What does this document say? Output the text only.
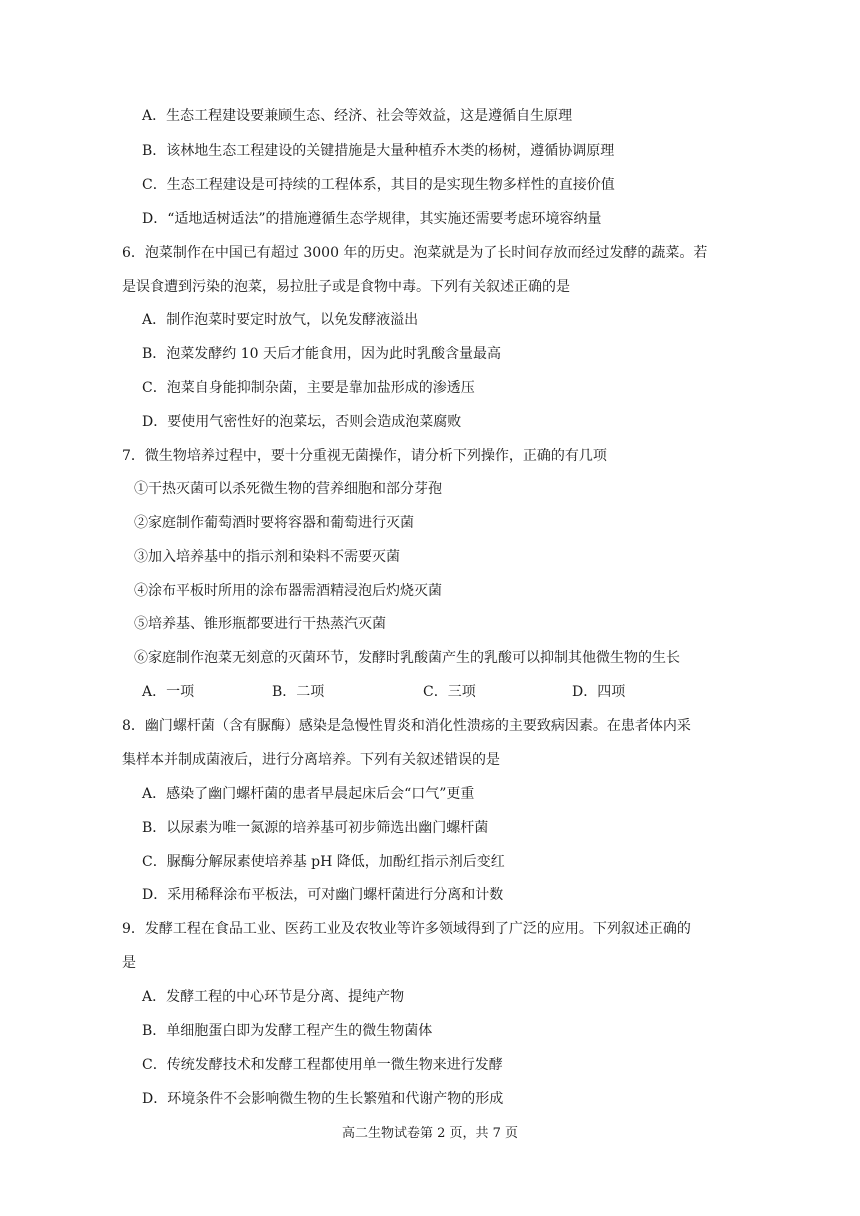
A．生态工程建设要兼顾生态、经济、社会等效益，这是遵循自生原理
B．该林地生态工程建设的关键措施是大量种植乔木类的杨树，遵循协调原理
C．生态工程建设是可持续的工程体系，其目的是实现生物多样性的直接价值
D．“适地适树适法”的措施遵循生态学规律，其实施还需要考虑环境容纳量
6．泡菜制作在中国已有超过 3000 年的历史。泡菜就是为了长时间存放而经过发酵的蔬菜。若
是误食遭到污染的泡菜，易拉肚子或是食物中毒。下列有关叙述正确的是
A．制作泡菜时要定时放气，以免发酵液溢出
B．泡菜发酵约 10 天后才能食用，因为此时乳酸含量最高
C．泡菜自身能抑制杂菌，主要是靠加盐形成的渗透压
D．要使用气密性好的泡菜坛，否则会造成泡菜腐败
7．微生物培养过程中，要十分重视无菌操作，请分析下列操作，正确的有几项
①干热灭菌可以杀死微生物的营养细胞和部分芽孢
②家庭制作葡萄酒时要将容器和葡萄进行灭菌
③加入培养基中的指示剂和染料不需要灭菌
④涂布平板时所用的涂布器需酒精浸泡后灼烧灭菌
⑤培养基、锥形瓶都要进行干热蒸汽灭菌
⑥家庭制作泡菜无刻意的灭菌环节，发酵时乳酸菌产生的乳酸可以抑制其他微生物的生长
A．一项	B．二项	C．三项	D．四项
8．幽门螺杆菌（含有脲酶）感染是急慢性胃炎和消化性溃疡的主要致病因素。在患者体内采
集样本并制成菌液后，进行分离培养。下列有关叙述错误的是
A．感染了幽门螺杆菌的患者早晨起床后会“口气”更重
B．以尿素为唯一氮源的培养基可初步筛选出幽门螺杆菌
C．脲酶分解尿素使培养基 pH 降低，加酚红指示剂后变红
D．采用稀释涂布平板法，可对幽门螺杆菌进行分离和计数
9．发酵工程在食品工业、医药工业及农牧业等许多领域得到了广泛的应用。下列叙述正确的
是
A．发酵工程的中心环节是分离、提纯产物
B．单细胞蛋白即为发酵工程产生的微生物菌体
C．传统发酵技术和发酵工程都使用单一微生物来进行发酵
D．环境条件不会影响微生物的生长繁殖和代谢产物的形成
高二生物试卷第 2 页，共 7 页
